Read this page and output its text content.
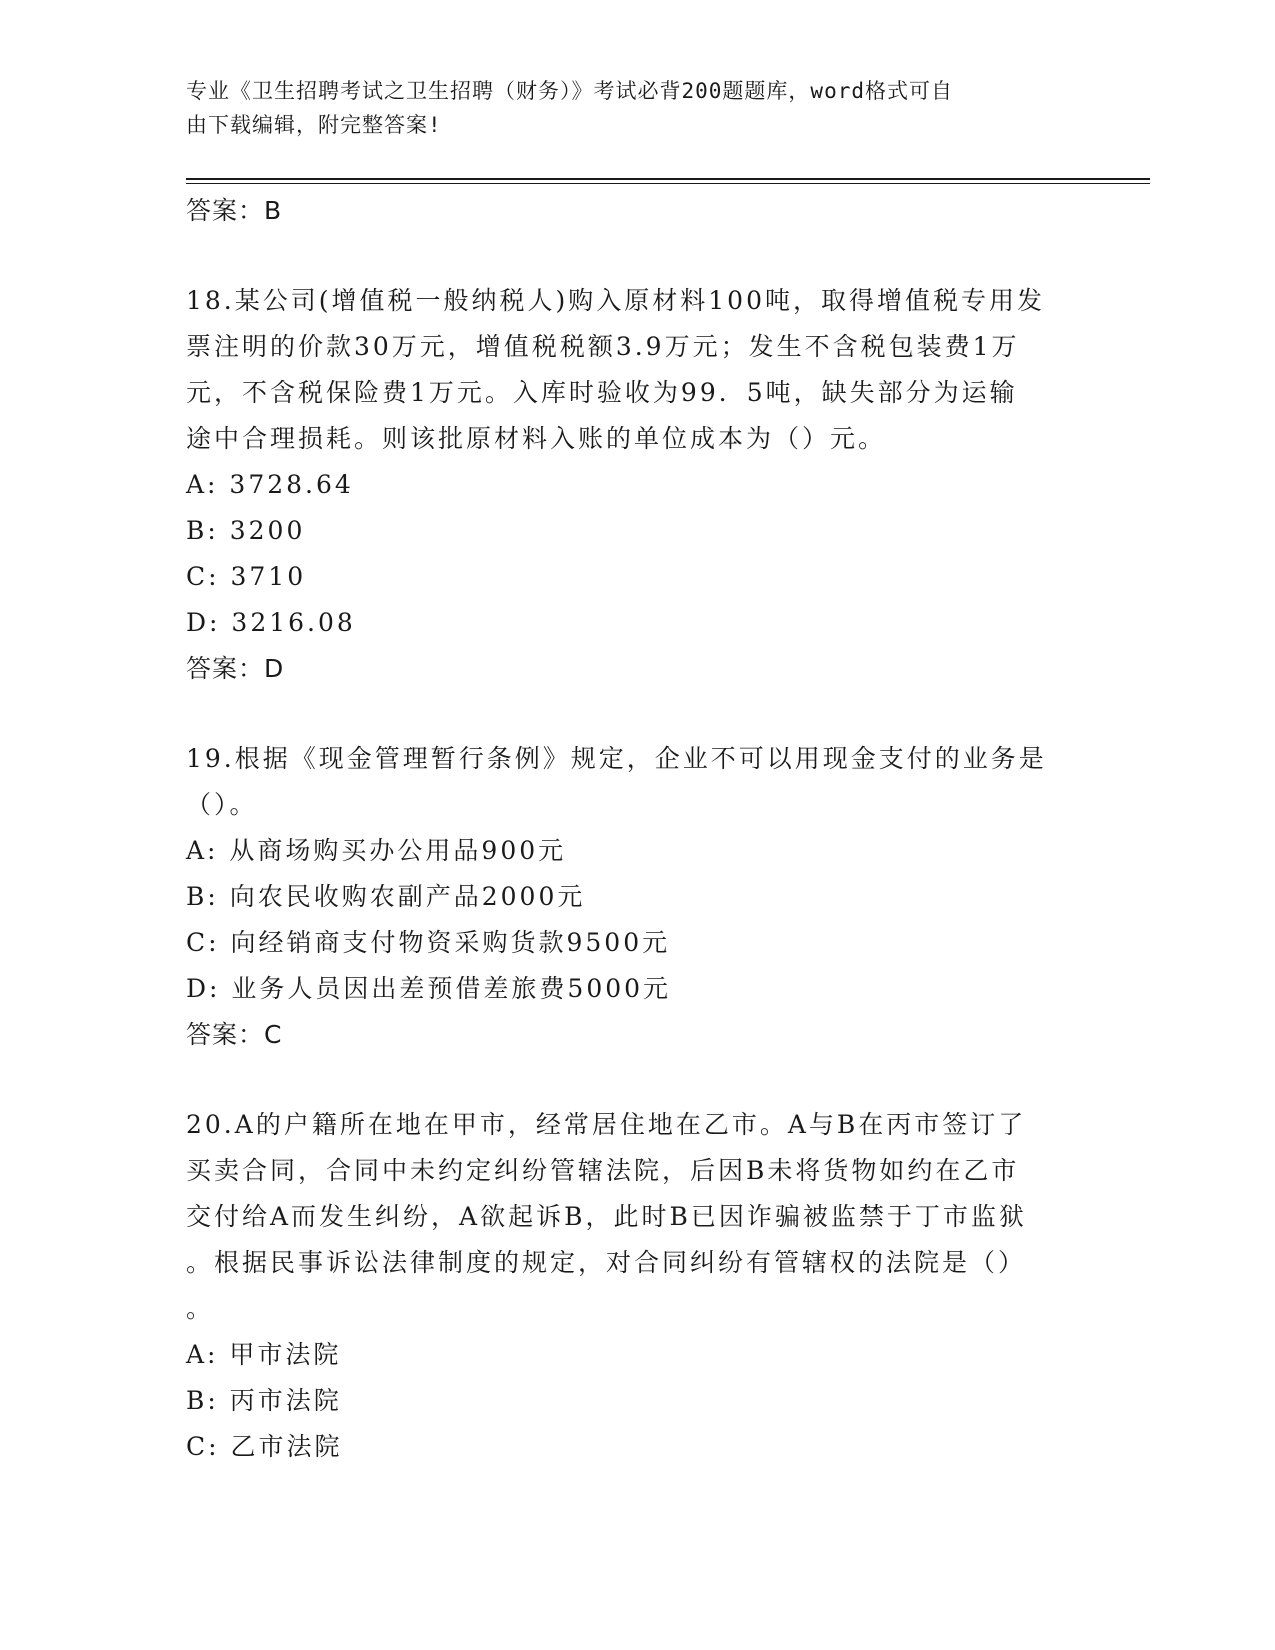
专业《卫生招聘考试之卫生招聘（财务）》考试必背200题题库，word格式可自
由下载编辑，附完整答案!
答案：B
18.某公司(增值税一般纳税人)购入原材料100吨，取得增值税专用发
票注明的价款30万元，增值税税额3.9万元；发生不含税包装费1万
元，不含税保险费1万元。入库时验收为99．5吨，缺失部分为运输
途中合理损耗。则该批原材料入账的单位成本为（）元。
A: 3728.64
B: 3200
C: 3710
D: 3216.08
答案：D
19.根据《现金管理暂行条例》规定，企业不可以用现金支付的业务是
（）。
A: 从商场购买办公用品900元
B: 向农民收购农副产品2000元
C: 向经销商支付物资采购货款9500元
D: 业务人员因出差预借差旅费5000元
答案：C
20.A的户籍所在地在甲市，经常居住地在乙市。A与B在丙市签订了
买卖合同，合同中未约定纠纷管辖法院，后因B未将货物如约在乙市
交付给A而发生纠纷，A欲起诉B，此时B已因诈骗被监禁于丁市监狱
。根据民事诉讼法律制度的规定，对合同纠纷有管辖权的法院是（）
。
A: 甲市法院
B: 丙市法院
C: 乙市法院
